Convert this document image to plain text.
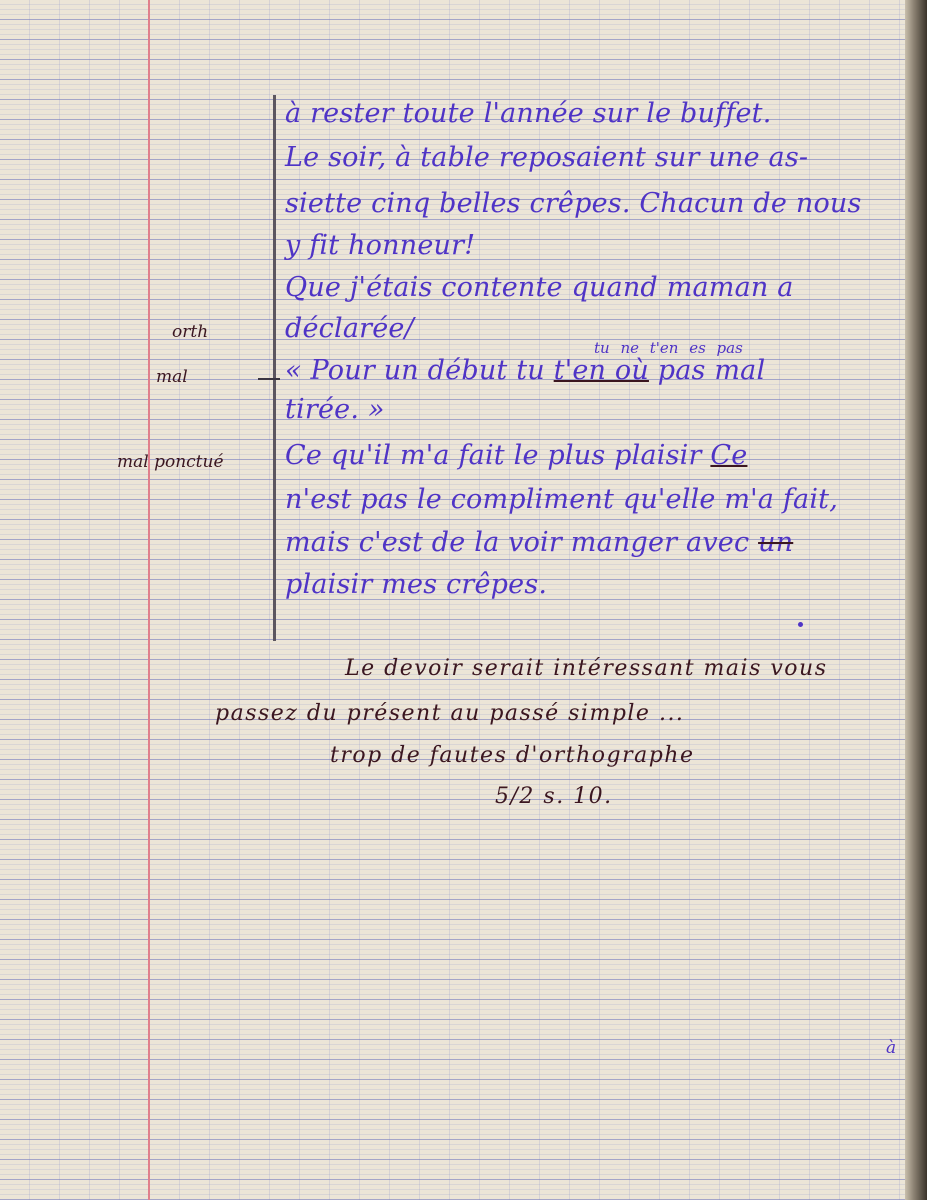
orth
mal
mal ponctué
à rester toute l'année sur le buffet.
Le soir, à table reposaient sur une as-
siette cinq belles crêpes. Chacun de nous
y fit honneur!
Que j'étais contente quand maman a
déclarée/
tu ne t'en es pas
« Pour un début tu t'en où pas mal
tirée. »
Ce qu'il m'a fait le plus plaisir Ce
n'est pas le compliment qu'elle m'a fait,
mais c'est de la voir manger avec un
plaisir mes crêpes.
Le devoir serait intéressant mais vous
passez du présent au passé simple ...
trop de fautes d'orthographe
5/2 s. 10.
à
